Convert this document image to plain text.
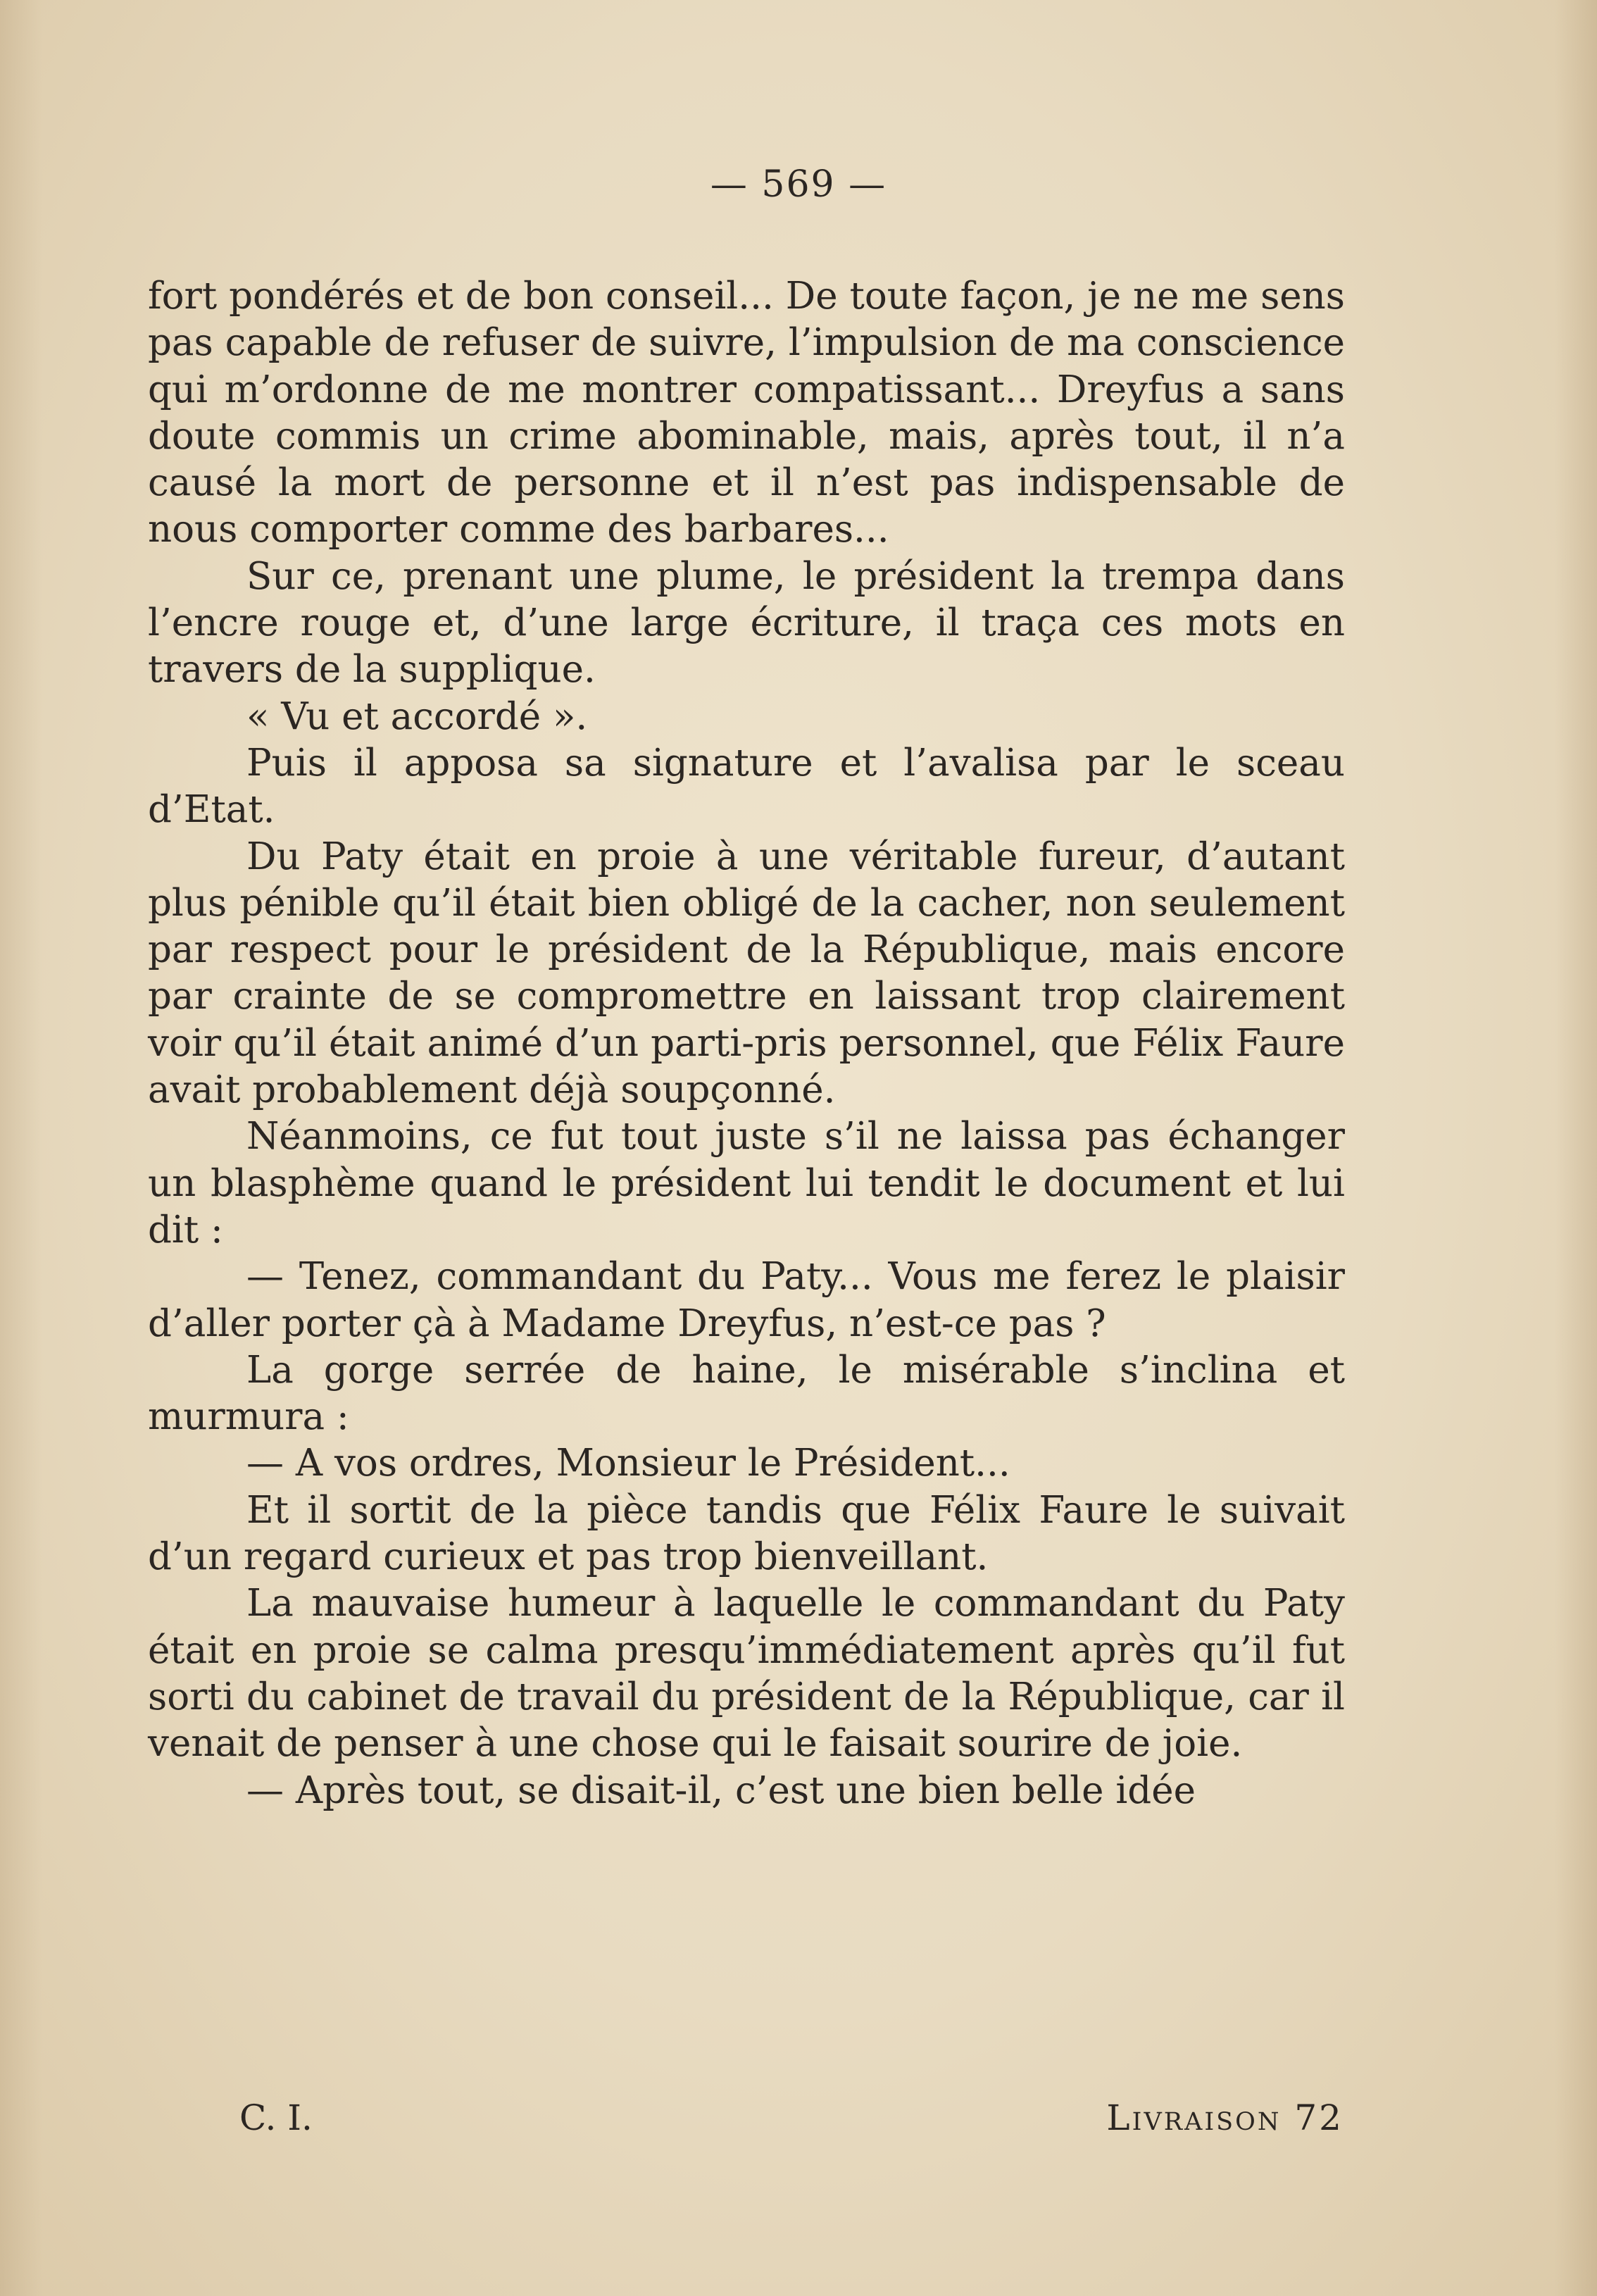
— 569 —

fort pondérés et de bon conseil... De toute façon, je ne me sens pas capable de refuser de suivre, l’impulsion de ma conscience qui m’ordonne de me montrer compatissant... Dreyfus a sans doute commis un crime abominable, mais, après tout, il n’a causé la mort de personne et il n’est pas indispensable de nous comporter comme des barbares...

Sur ce, prenant une plume, le président la trempa dans l’encre rouge et, d’une large écriture, il traça ces mots en travers de la supplique.

« Vu et accordé ».

Puis il apposa sa signature et l’avalisa par le sceau d’Etat.

Du Paty était en proie à une véritable fureur, d’autant plus pénible qu’il était bien obligé de la cacher, non seulement par respect pour le président de la République, mais encore par crainte de se compromettre en laissant trop clairement voir qu’il était animé d’un parti-pris personnel, que Félix Faure avait probablement déjà soupçonné.

Néanmoins, ce fut tout juste s’il ne laissa pas échanger un blasphème quand le président lui tendit le document et lui dit :

— Tenez, commandant du Paty... Vous me ferez le plaisir d’aller porter çà à Madame Dreyfus, n’est-ce pas ?

La gorge serrée de haine, le misérable s’inclina et murmura :

— A vos ordres, Monsieur le Président...

Et il sortit de la pièce tandis que Félix Faure le suivait d’un regard curieux et pas trop bienveillant.

La mauvaise humeur à laquelle le commandant du Paty était en proie se calma presqu’immédiatement après qu’il fut sorti du cabinet de travail du président de la République, car il venait de penser à une chose qui le faisait sourire de joie.

— Après tout, se disait-il, c’est une bien belle idée

C. I.	Livraison 72
